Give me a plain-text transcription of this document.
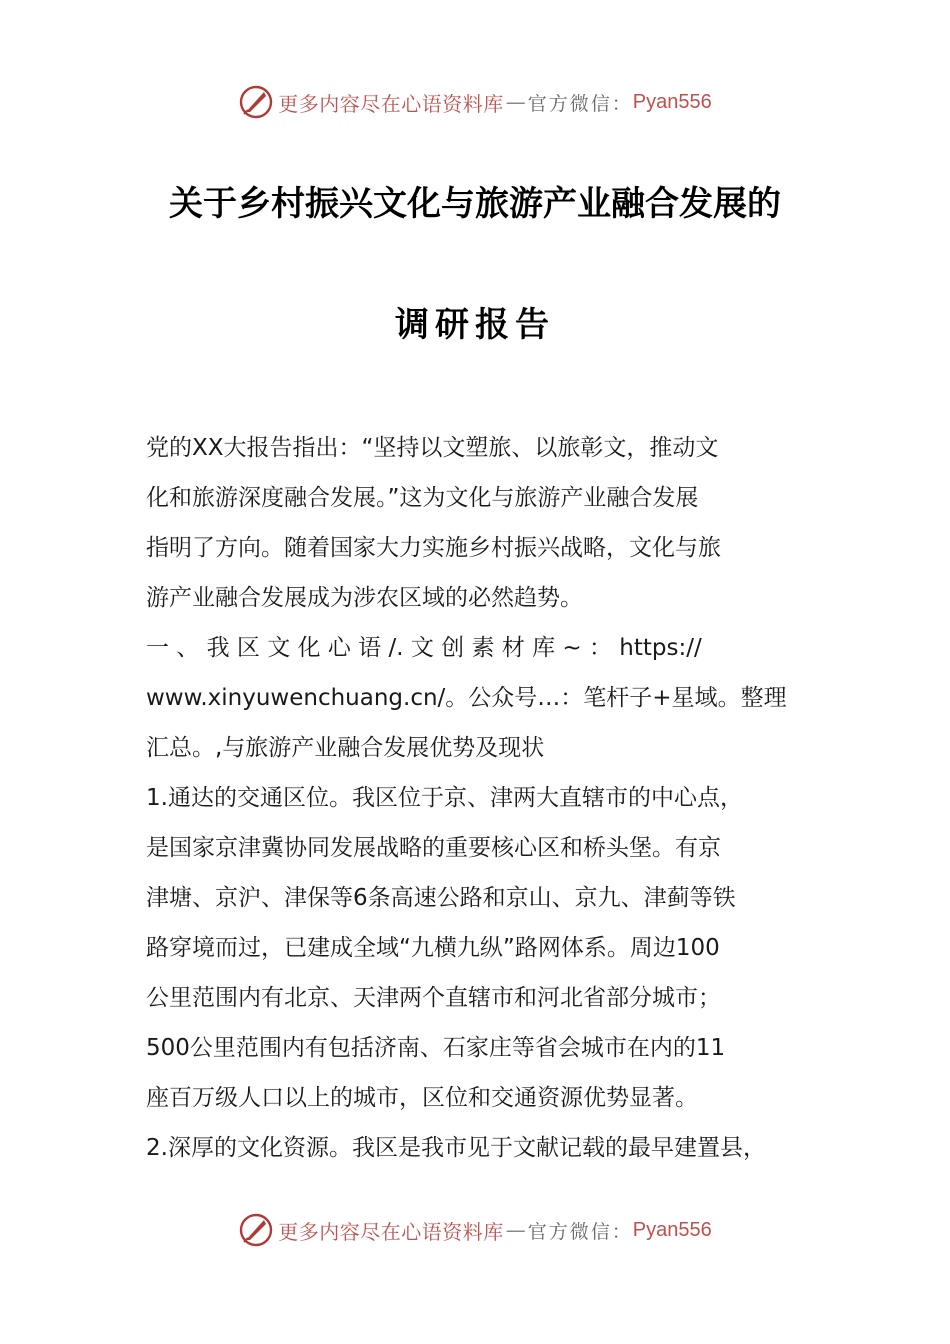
更多内容尽在心语资料库 — 官方微信： Pyan556
关于乡村振兴文化与旅游产业融合发展的
调研报告
党的XX大报告指出：“坚持以文塑旅、以旅彰文，推动文
化和旅游深度融合发展。”这为文化与旅游产业融合发展
指明了方向。随着国家大力实施乡村振兴战略，文化与旅
游产业融合发展成为涉农区域的必然趋势。
一 、 我 区 文 化 心 语 /. 文 创 素 材 库 ~ ： https://
www.xinyuwenchuang.cn/。公众号…：笔杆子+星域。整理
汇总。,与旅游产业融合发展优势及现状
1.通达的交通区位。我区位于京、津两大直辖市的中心点，
是国家京津冀协同发展战略的重要核心区和桥头堡。有京
津塘、京沪、津保等6条高速公路和京山、京九、津蓟等铁
路穿境而过，已建成全域“九横九纵”路网体系。周边100
公里范围内有北京、天津两个直辖市和河北省部分城市；
500公里范围内有包括济南、石家庄等省会城市在内的11
座百万级人口以上的城市，区位和交通资源优势显著。
2.深厚的文化资源。我区是我市见于文献记载的最早建置县，
更多内容尽在心语资料库 — 官方微信： Pyan556
